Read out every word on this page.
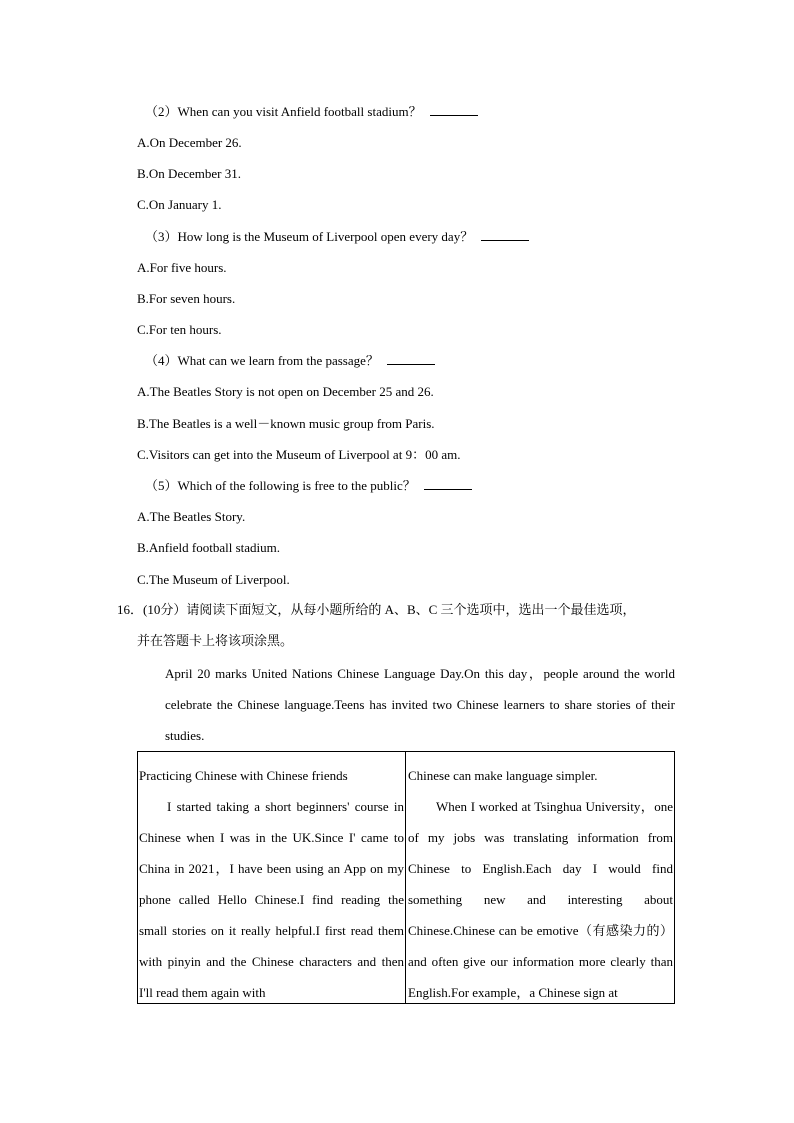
（2）When can you visit Anfield football stadium？
A.On December 26.
B.On December 31.
C.On January 1.
（3）How long is the Museum of Liverpool open every day？
A.For five hours.
B.For seven hours.
C.For ten hours.
（4）What can we learn from the passage？
A.The Beatles Story is not open on December 25 and 26.
B.The Beatles is a well－known music group from Paris.
C.Visitors can get into the Museum of Liverpool at 9：00 am.
（5）Which of the following is free to the public？
A.The Beatles Story.
B.Anfield football stadium.
C.The Museum of Liverpool.
16．(10分）请阅读下面短文，从每小题所给的 A、B、C 三个选项中，选出一个最佳选项，
并在答题卡上将该项涂黑。
April 20 marks United Nations Chinese Language Day.On this day，people around the world celebrate the Chinese language.Teens has invited two Chinese learners to share stories of their studies.
Practicing Chinese with Chinese friends
I started taking a short beginners' course in Chinese when I was in the UK.Since I' came to China in 2021，I have been using an App on my phone called Hello Chinese.I find reading the small stories on it really helpful.I first read them with pinyin and the Chinese characters and then I'll read them again with
Chinese can make language simpler.
When I worked at Tsinghua University，one of my jobs was translating information from Chinese to English.Each day I would find something new and interesting about Chinese.Chinese can be emotive（有感染力的）and often give our information more clearly than English.For example，a Chinese sign at
